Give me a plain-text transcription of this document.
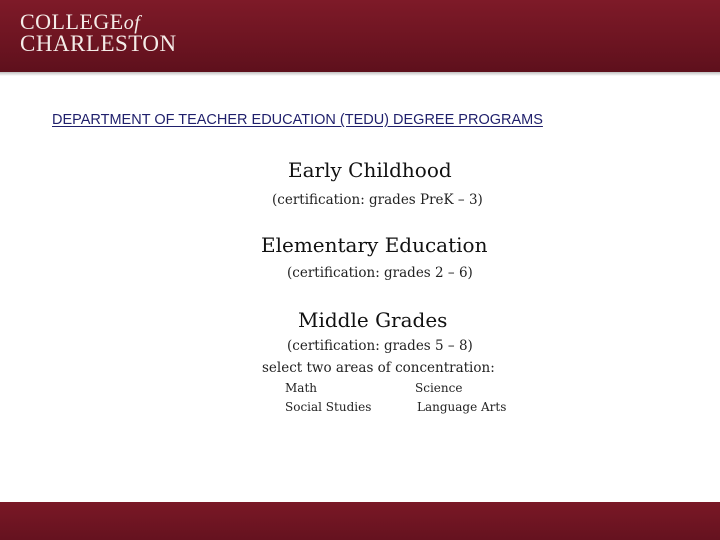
COLLEGEof
CHARLESTON
DEPARTMENT OF TEACHER EDUCATION (TEDU) DEGREE PROGRAMS
Early Childhood
(certification: grades PreK – 3)
Elementary Education
(certification: grades 2 – 6)
Middle Grades
(certification: grades 5 – 8)
select two areas of concentration:
Math	Science
Social Studies	Language Arts
